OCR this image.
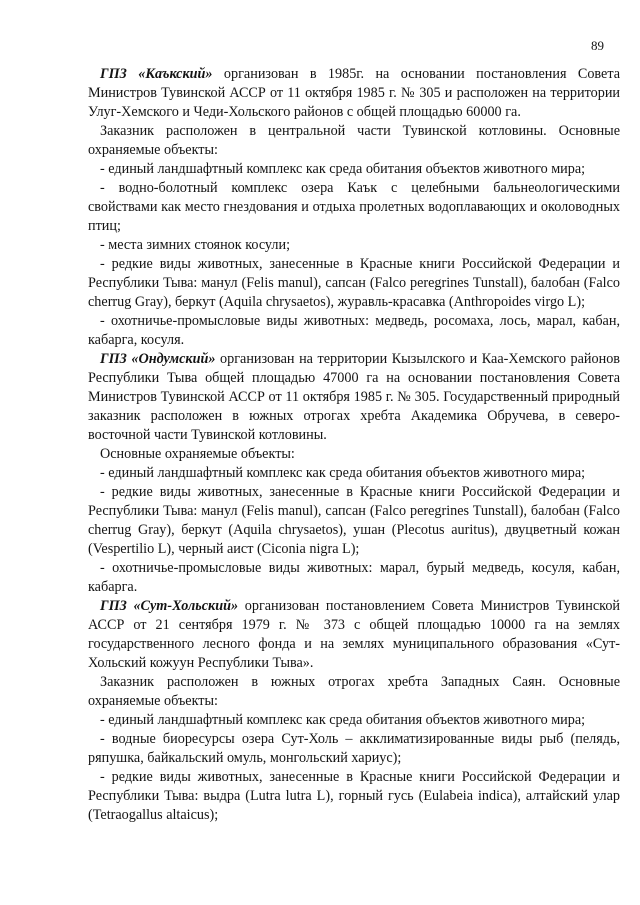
89

ГПЗ «Каъкский» организован в 1985г. на основании постановления Совета Министров Тувинской АССР от 11 октября 1985 г. № 305 и расположен на территории Улуг-Хемского и Чеди-Хольского районов с общей площадью 60000 га.

Заказник расположен в центральной части Тувинской котловины. Основные охраняемые объекты:

- единый ландшафтный комплекс как среда обитания объектов животного мира;

- водно-болотный комплекс озера Каък с целебными бальнеологическими свойствами как место гнездования и отдыха пролетных водоплавающих и околоводных птиц;

- места зимних стоянок косули;

- редкие виды животных, занесенные в Красные книги Российской Федерации и Республики Тыва: манул (Felis manul), сапсан (Falco peregrines Tunstall), балобан (Falco cherrug Gray), беркут (Aquila chrysaetos), журавль-красавка (Anthropoides virgo L);

- охотничье-промысловые виды животных: медведь, росомаха, лось, марал, кабан, кабарга, косуля.

ГПЗ «Ондумский» организован на территории Кызылского и Каа-Хемского районов Республики Тыва общей площадью 47000 га на основании постановления Совета Министров Тувинской АССР от 11 октября 1985 г. № 305. Государственный природный заказник расположен в южных отрогах хребта Академика Обручева, в северо-восточной части Тувинской котловины.

Основные охраняемые объекты:

- единый ландшафтный комплекс как среда обитания объектов животного мира;

- редкие виды животных, занесенные в Красные книги Российской Федерации и Республики Тыва: манул (Felis manul), сапсан (Falco peregrines Tunstall), балобан (Falco cherrug Gray), беркут (Aquila chrysaetos), ушан (Plecotus auritus), двуцветный кожан (Vespertilio L), черный аист (Ciconia nigra L);

- охотничье-промысловые виды животных: марал, бурый медведь, косуля, кабан, кабарга.

ГПЗ «Сут-Хольский» организован постановлением Совета Министров Тувинской АССР от 21 сентября 1979 г. № 373 с общей площадью 10000 га на землях государственного лесного фонда и на землях муниципального образования «Сут-Хольский кожуун Республики Тыва».

Заказник расположен в южных отрогах хребта Западных Саян. Основные охраняемые объекты:

- единый ландшафтный комплекс как среда обитания объектов животного мира;

- водные биоресурсы озера Сут-Холь – акклиматизированные виды рыб (пелядь, ряпушка, байкальский омуль, монгольский хариус);

- редкие виды животных, занесенные в Красные книги Российской Федерации и Республики Тыва: выдра (Lutra lutra L), горный гусь (Eulabeia indica), алтайский улар (Tetraogallus altaicus);
